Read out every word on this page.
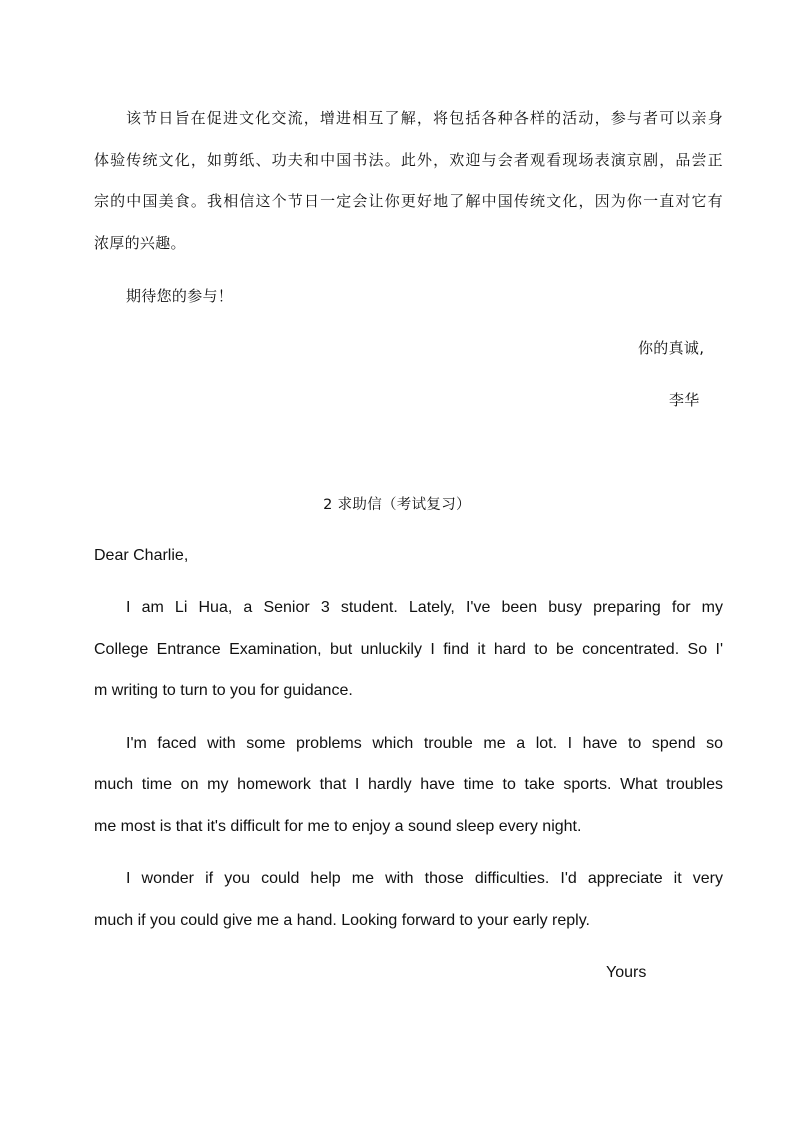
该节日旨在促进文化交流，增进相互了解，将包括各种各样的活动，参与者可以亲身
体验传统文化，如剪纸、功夫和中国书法。此外，欢迎与会者观看现场表演京剧，品尝正
宗的中国美食。我相信这个节日一定会让你更好地了解中国传统文化，因为你一直对它有
浓厚的兴趣。
期待您的参与！
你的真诚,
李华
2 求助信（考试复习）
Dear Charlie,
I am Li Hua, a Senior 3 student. Lately, I've been busy preparing for my
College Entrance Examination, but unluckily I find it hard to be concentrated. So I'
m writing to turn to you for guidance.
I'm faced with some problems which trouble me a lot. I have to spend so
much time on my homework that I hardly have time to take sports. What troubles
me most is that it's difficult for me to enjoy a sound sleep every night.
I wonder if you could help me with those difficulties. I'd appreciate it very
much if you could give me a hand. Looking forward to your early reply.
Yours
